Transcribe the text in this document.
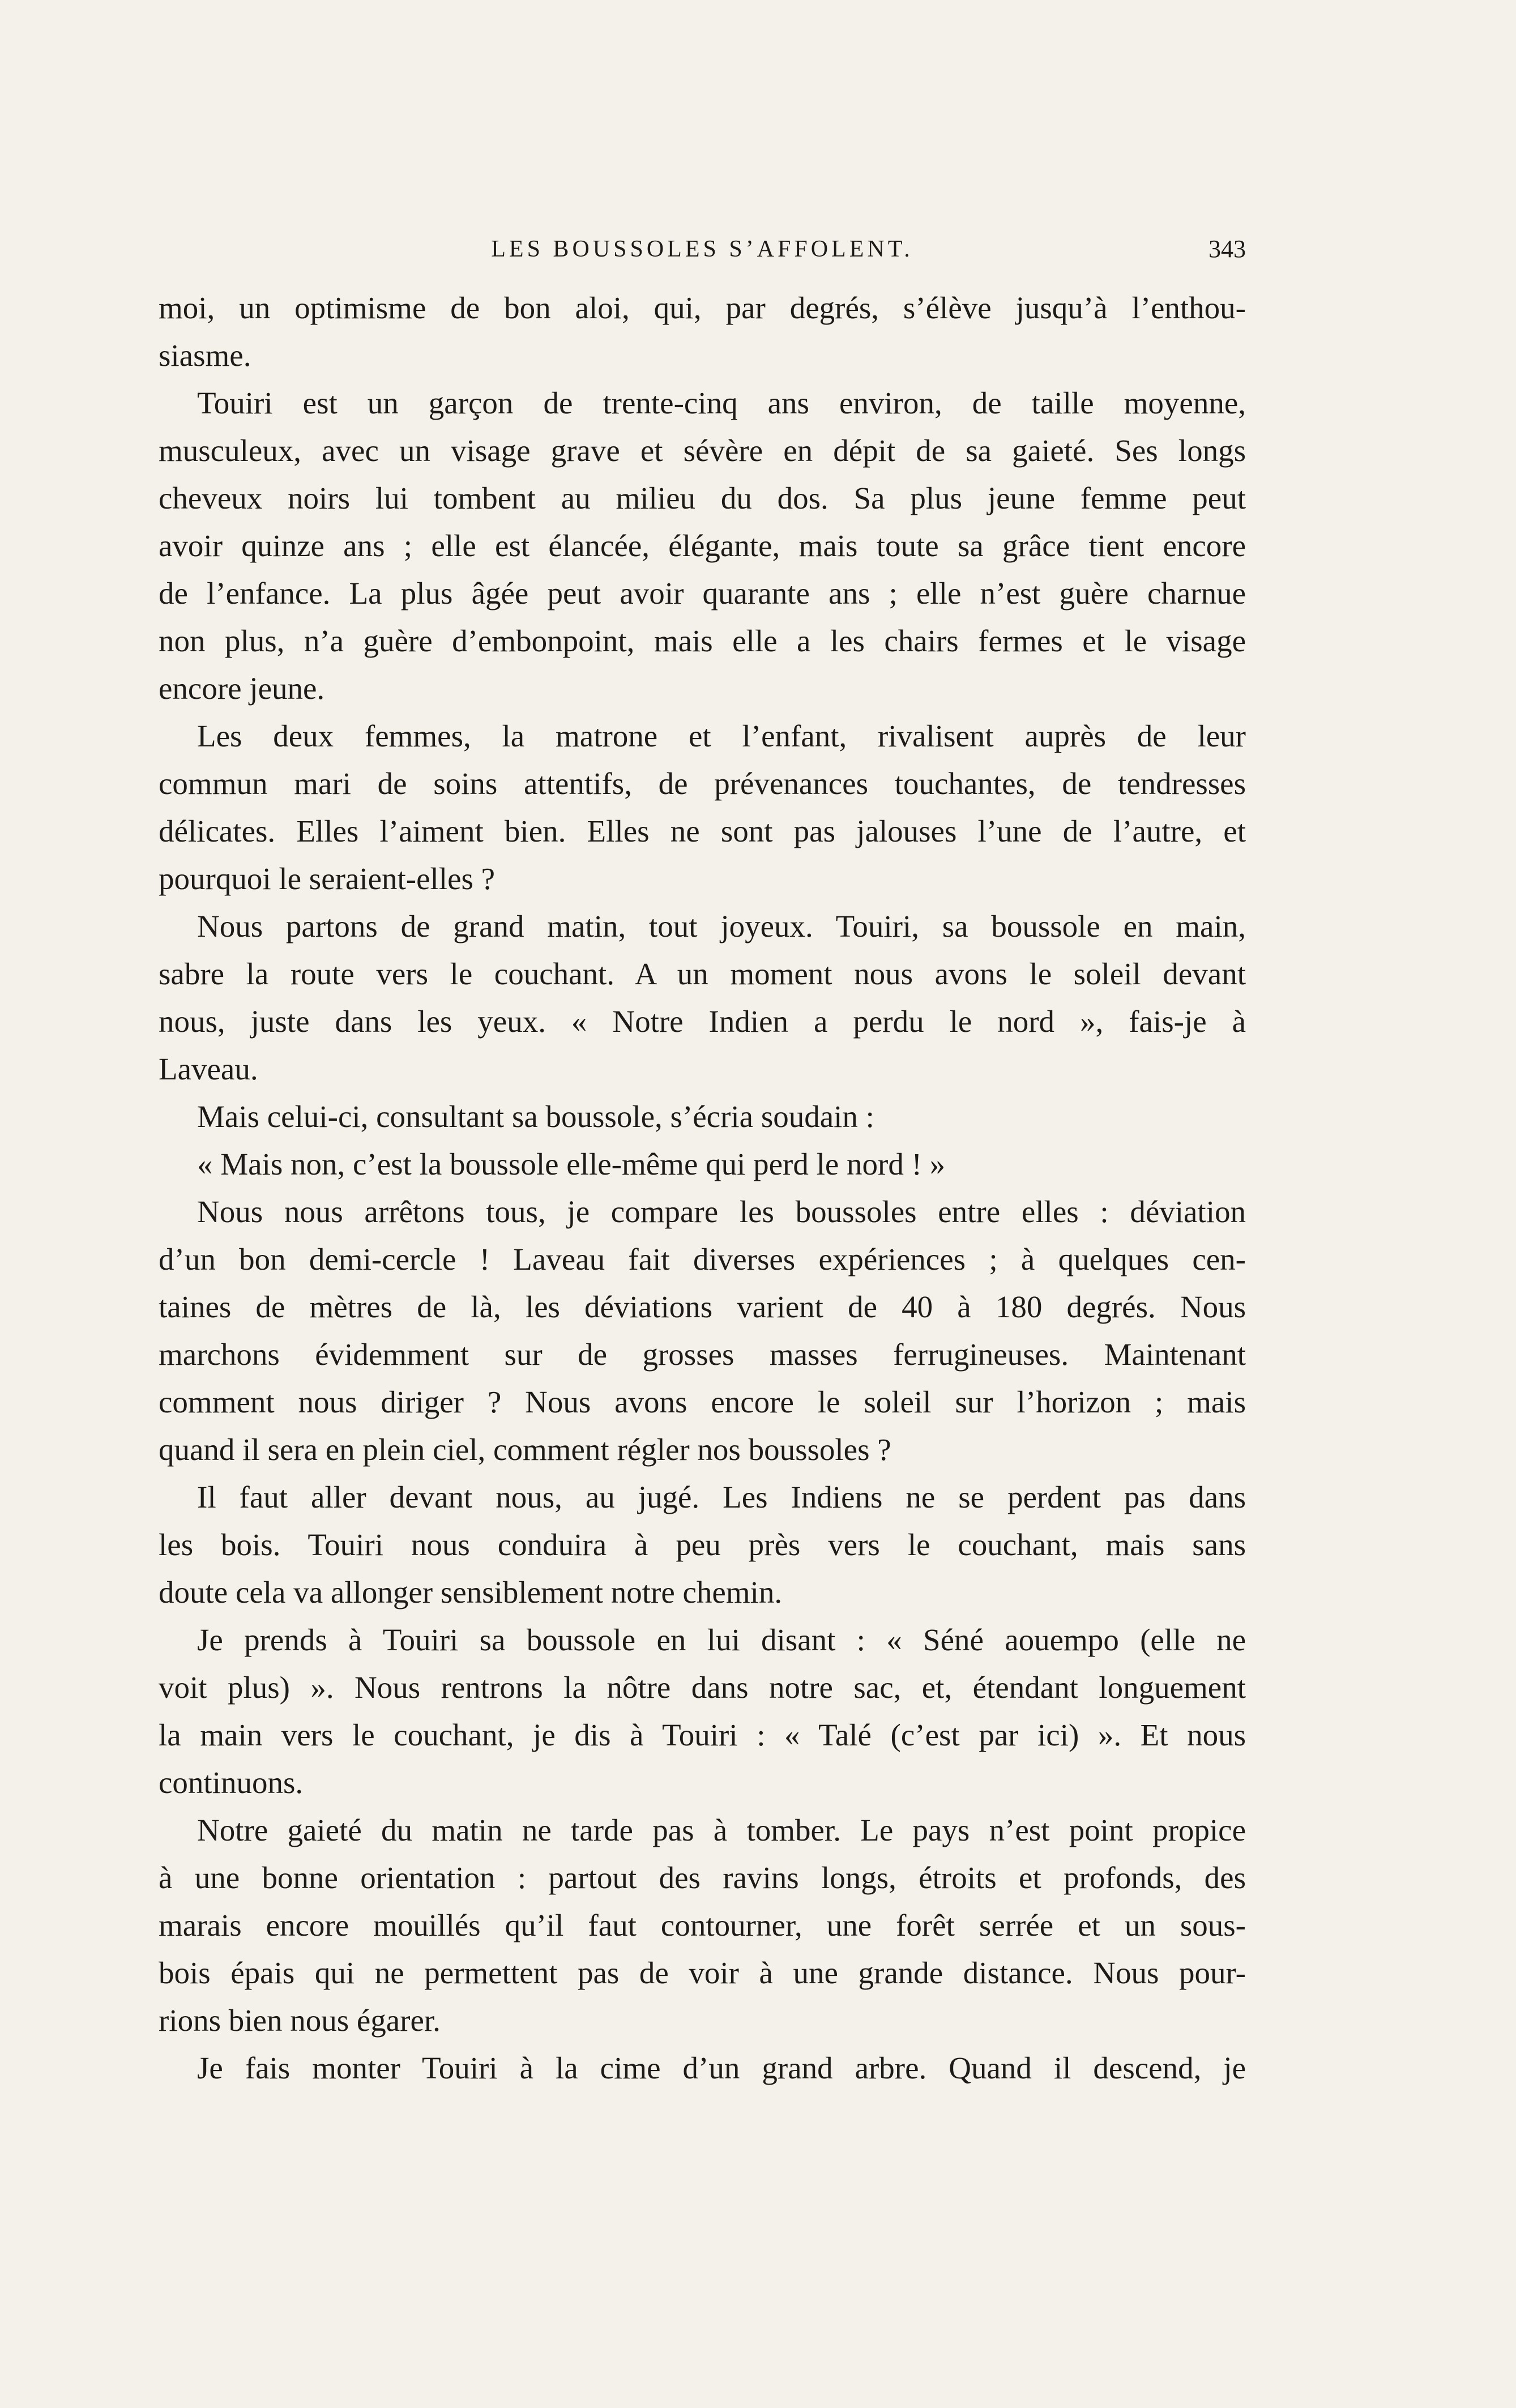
LES BOUSSOLES S’AFFOLENT.	343
moi, un optimisme de bon aloi, qui, par degrés, s’élève jusqu’à l’enthou-
siasme.
Touiri est un garçon de trente-cinq ans environ, de taille moyenne,
musculeux, avec un visage grave et sévère en dépit de sa gaieté. Ses longs
cheveux noirs lui tombent au milieu du dos. Sa plus jeune femme peut
avoir quinze ans ; elle est élancée, élégante, mais toute sa grâce tient encore
de l’enfance. La plus âgée peut avoir quarante ans ; elle n’est guère charnue
non plus, n’a guère d’embonpoint, mais elle a les chairs fermes et le visage
encore jeune.
Les deux femmes, la matrone et l’enfant, rivalisent auprès de leur
commun mari de soins attentifs, de prévenances touchantes, de tendresses
délicates. Elles l’aiment bien. Elles ne sont pas jalouses l’une de l’autre, et
pourquoi le seraient-elles ?
Nous partons de grand matin, tout joyeux. Touiri, sa boussole en main,
sabre la route vers le couchant. A un moment nous avons le soleil devant
nous, juste dans les yeux. « Notre Indien a perdu le nord », fais-je à
Laveau.
Mais celui-ci, consultant sa boussole, s’écria soudain :
« Mais non, c’est la boussole elle-même qui perd le nord ! »
Nous nous arrêtons tous, je compare les boussoles entre elles : déviation
d’un bon demi-cercle ! Laveau fait diverses expériences ; à quelques cen-
taines de mètres de là, les déviations varient de 40 à 180 degrés. Nous
marchons évidemment sur de grosses masses ferrugineuses. Maintenant
comment nous diriger ? Nous avons encore le soleil sur l’horizon ; mais
quand il sera en plein ciel, comment régler nos boussoles ?
Il faut aller devant nous, au jugé. Les Indiens ne se perdent pas dans
les bois. Touiri nous conduira à peu près vers le couchant, mais sans
doute cela va allonger sensiblement notre chemin.
Je prends à Touiri sa boussole en lui disant : « Séné aouempo (elle ne
voit plus) ». Nous rentrons la nôtre dans notre sac, et, étendant longuement
la main vers le couchant, je dis à Touiri : « Talé (c’est par ici) ». Et nous
continuons.
Notre gaieté du matin ne tarde pas à tomber. Le pays n’est point propice
à une bonne orientation : partout des ravins longs, étroits et profonds, des
marais encore mouillés qu’il faut contourner, une forêt serrée et un sous-
bois épais qui ne permettent pas de voir à une grande distance. Nous pour-
rions bien nous égarer.
Je fais monter Touiri à la cime d’un grand arbre. Quand il descend, je
